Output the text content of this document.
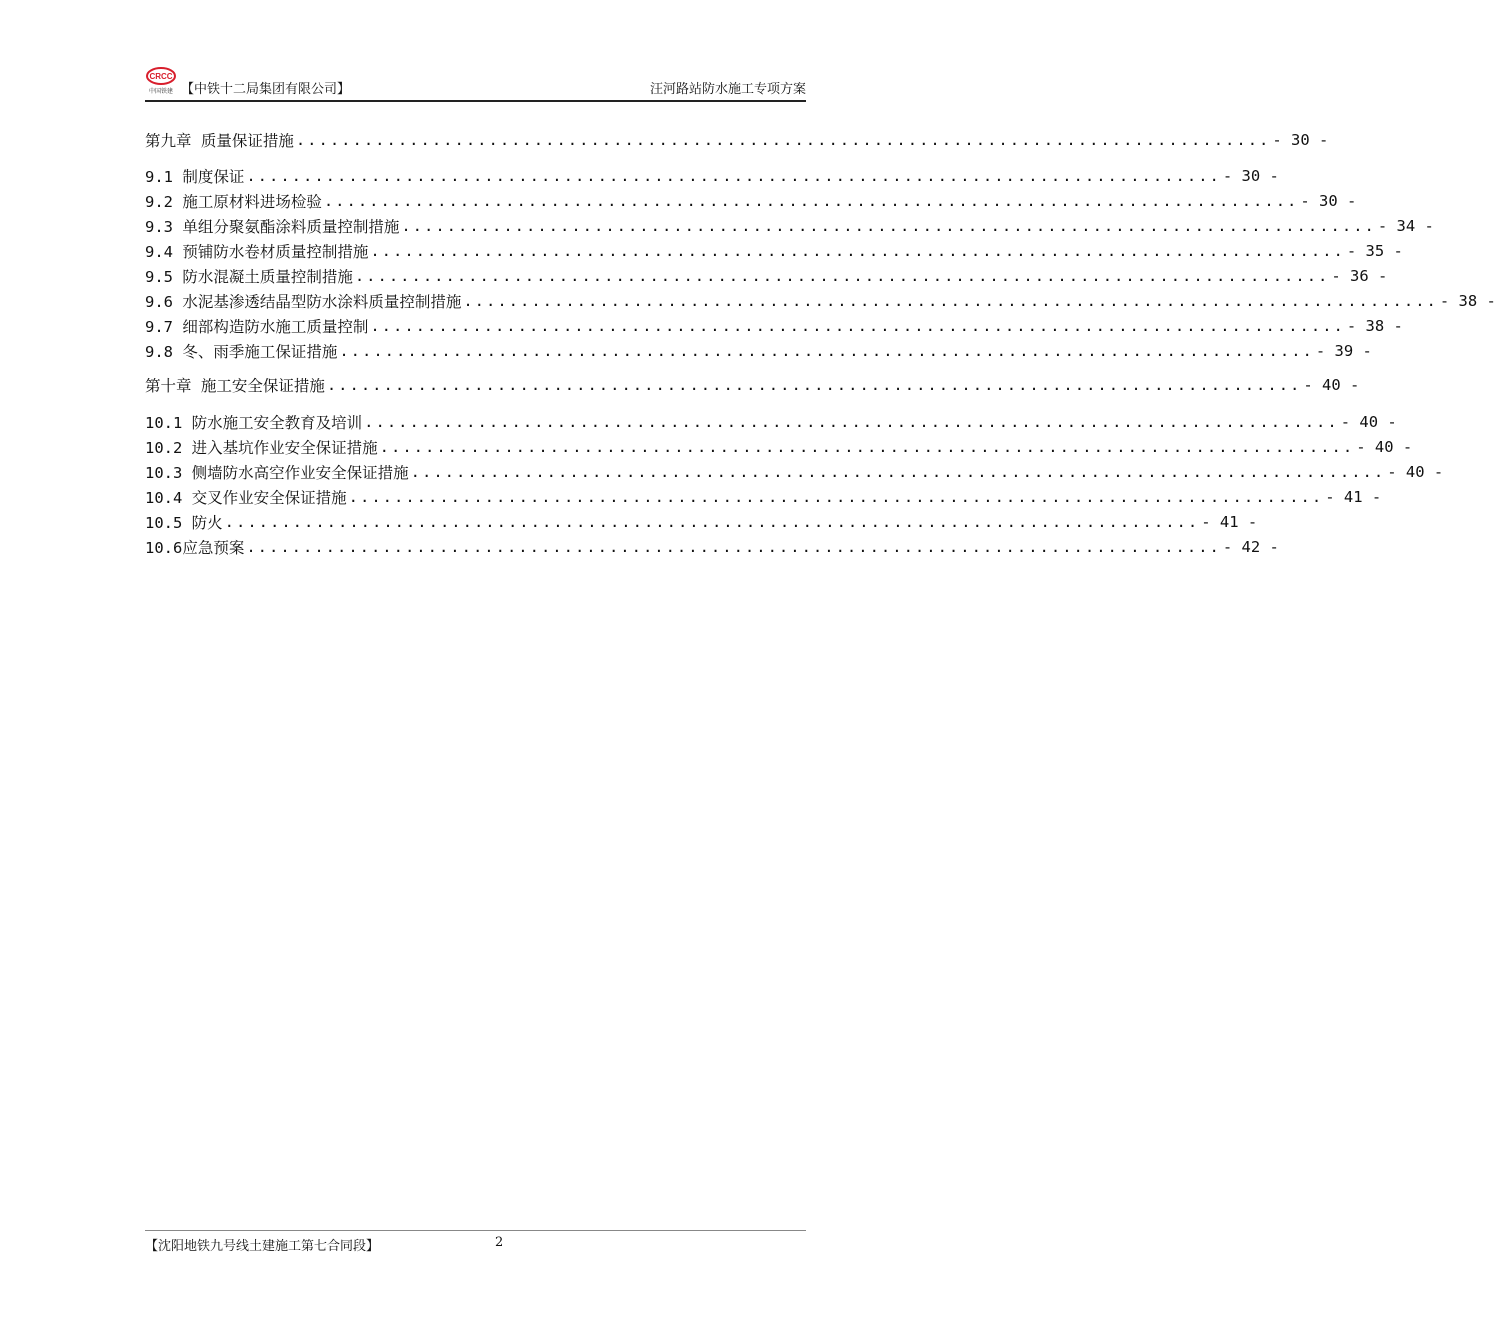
CRCC
中国铁建 【中铁十二局集团有限公司】	汪河路站防水施工专项方案
第九章 质量保证措施 ...................................................................................... - 30 -
9.1 制度保证 ...................................................................................... - 30 -
9.2 施工原材料进场检验 ...................................................................................... - 30 -
9.3 单组分聚氨酯涂料质量控制措施 ...................................................................................... - 34 -
9.4 预铺防水卷材质量控制措施 ...................................................................................... - 35 -
9.5 防水混凝土质量控制措施 ...................................................................................... - 36 -
9.6 水泥基渗透结晶型防水涂料质量控制措施 ...................................................................................... - 38 -
9.7 细部构造防水施工质量控制 ...................................................................................... - 38 -
9.8 冬、雨季施工保证措施 ...................................................................................... - 39 -
第十章 施工安全保证措施 ...................................................................................... - 40 -
10.1 防水施工安全教育及培训 ...................................................................................... - 40 -
10.2 进入基坑作业安全保证措施 ...................................................................................... - 40 -
10.3 侧墙防水高空作业安全保证措施 ...................................................................................... - 40 -
10.4 交叉作业安全保证措施 ...................................................................................... - 41 -
10.5 防火 ...................................................................................... - 41 -
10.6应急预案 ...................................................................................... - 42 -
【沈阳地铁九号线土建施工第七合同段】	2
